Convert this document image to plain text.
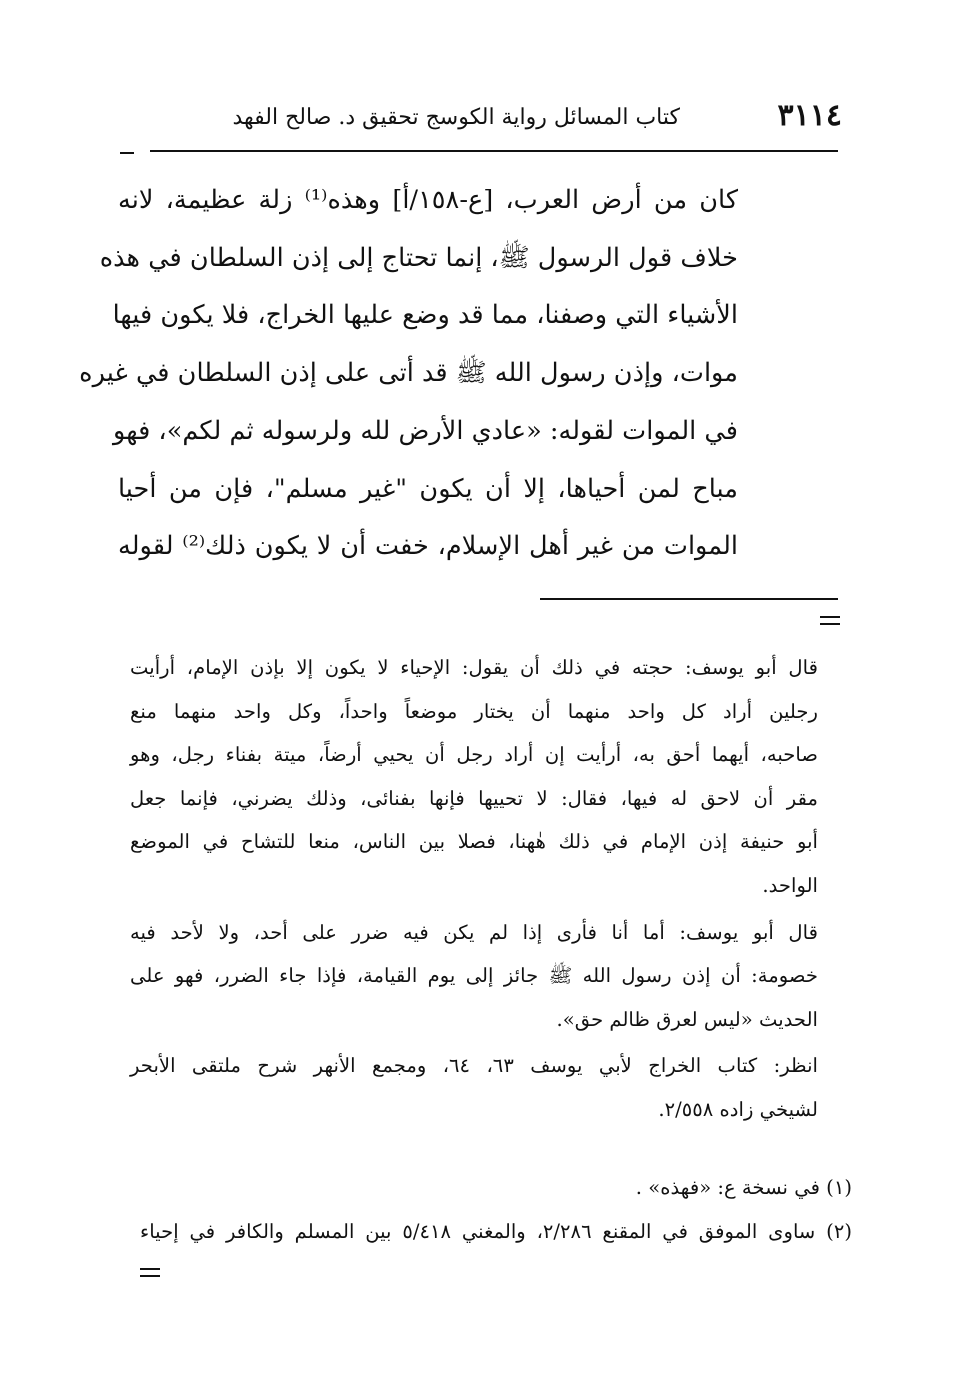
٣١١٤
كتاب المسائل رواية الكوسج تحقيق د. صالح الفهد
كان من أرض العرب، [ع-١٥٨/أ] وهذه⁽¹⁾ زلة عظيمة، لانه
خلاف قول الرسول ﷺ، إنما تحتاج إلى إذن السلطان في هذه
الأشياء التي وصفنا، مما قد وضع عليها الخراج، فلا يكون فيها
موات، وإذن رسول الله ﷺ قد أتى على إذن السلطان في غيره
في الموات لقوله: «عادي الأرض لله ولرسوله ثم لكم»، فهو
مباح لمن أحياها، إلا أن يكون "غير مسلم"، فإن من أحيا
الموات من غير أهل الإسلام، خفت أن لا يكون ذلك⁽²⁾ لقوله
قال أبو يوسف: حجته في ذلك أن يقول: الإحياء لا يكون إلا بإذن الإمام، أرأيت
رجلين أراد كل واحد منهما أن يختار موضعاً واحداً، وكل واحد منهما منع
صاحبه، أيهما أحق به، أرأيت إن أراد رجل أن يحيي أرضاً، ميتة بفناء رجل، وهو
مقر أن لاحق له فيها، فقال: لا تحييها فإنها بفنائى، وذلك يضرني، فإنما جعل
أبو حنيفة إذن الإمام في ذلك هٰهنا، فصلا بين الناس، منعا للتشاح في الموضع
الواحد.
قال أبو يوسف: أما أنا فأرى إذا لم يكن فيه ضرر على أحد، ولا لأحد فيه
خصومة: أن إذن رسول الله ﷺ جائز إلى يوم القيامة، فإذا جاء الضرر، فهو على
الحديث «ليس لعرق ظالم حق».
انظر: كتاب الخراج لأبي يوسف ٦٣، ٦٤، ومجمع الأنهر شرح ملتقى الأبحر
لشيخي زاده ٢/٥٥٨.
(١) في نسخة ع: «فهذه» .
(٢) ساوى الموفق في المقنع ٢/٢٨٦، والمغني ٥/٤١٨ بين المسلم والكافر في إحياء
